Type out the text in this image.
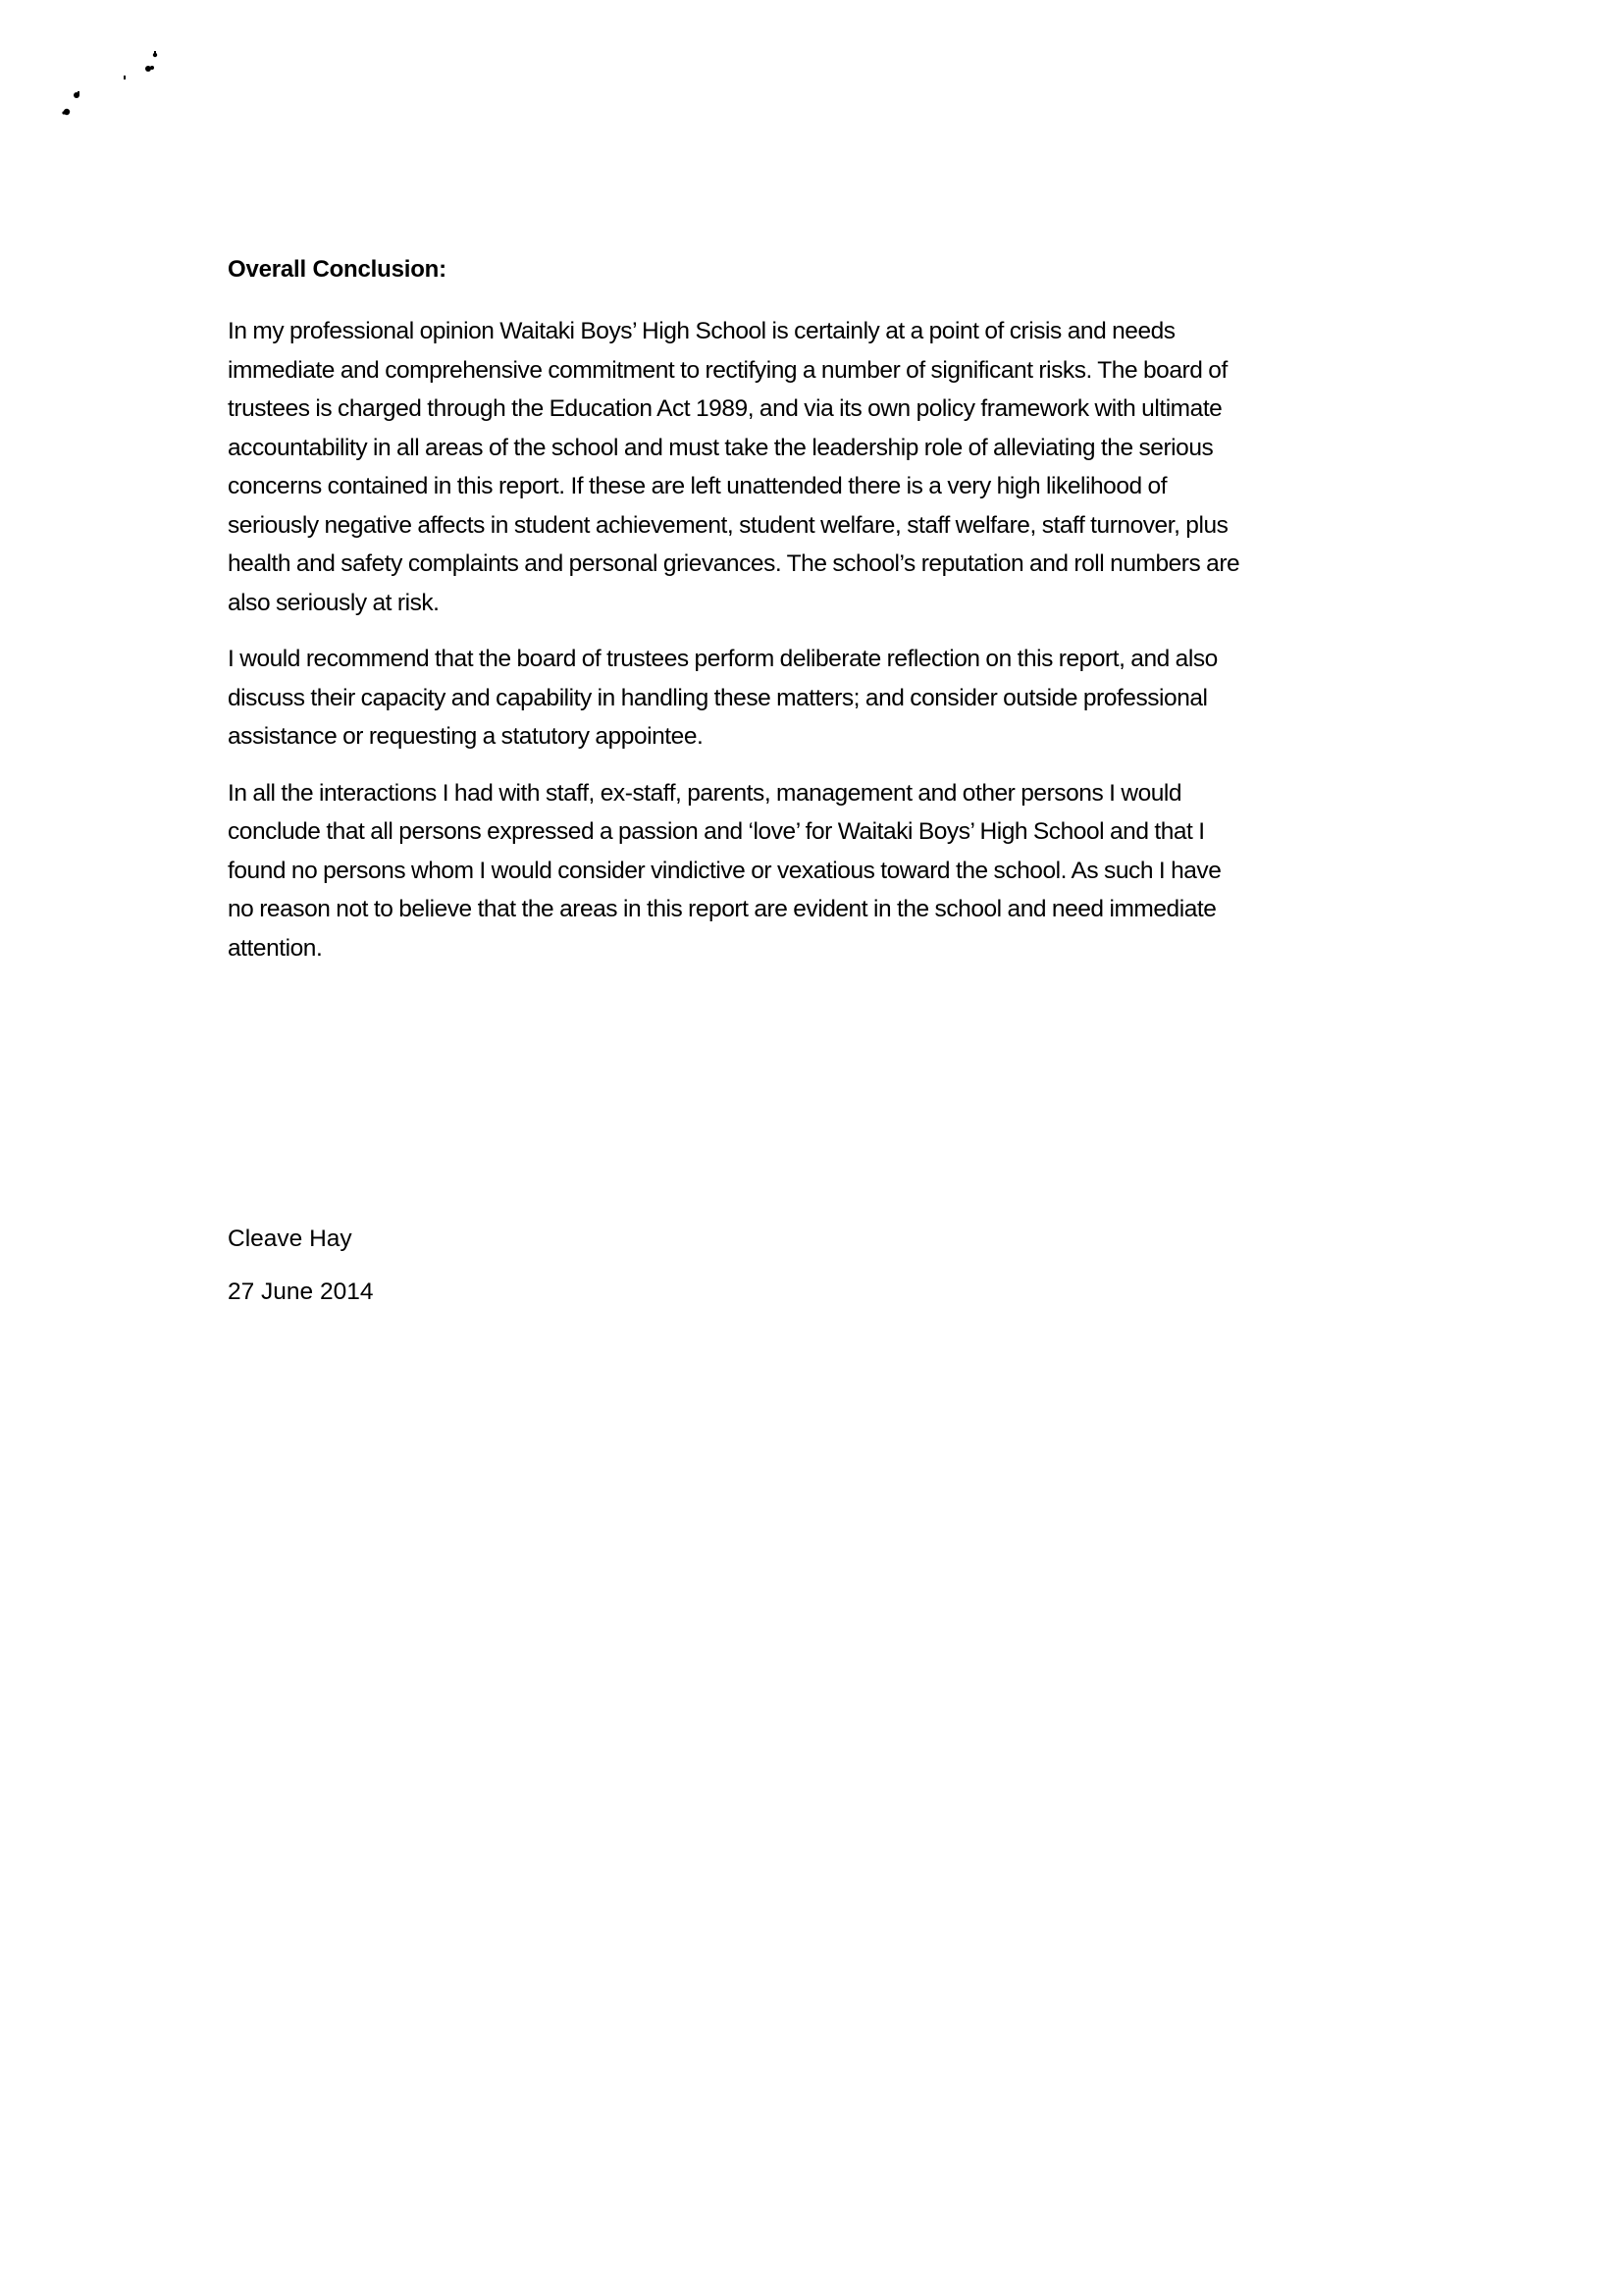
Overall Conclusion:
In my professional opinion Waitaki Boys’ High School is certainly at a point of crisis and needs
immediate and comprehensive commitment to rectifying a number of significant risks. The board of
trustees is charged through the Education Act 1989, and via its own policy framework with ultimate
accountability in all areas of the school and must take the leadership role of alleviating the serious
concerns contained in this report. If these are left unattended there is a very high likelihood of
seriously negative affects in student achievement, student welfare, staff welfare, staff turnover, plus
health and safety complaints and personal grievances. The school’s reputation and roll numbers are
also seriously at risk.
I would recommend that the board of trustees perform deliberate reflection on this report, and also
discuss their capacity and capability in handling these matters; and consider outside professional
assistance or requesting a statutory appointee.
In all the interactions I had with staff, ex-staff, parents, management and other persons I would
conclude that all persons expressed a passion and ‘love’ for Waitaki Boys’ High School and that I
found no persons whom I would consider vindictive or vexatious toward the school. As such I have
no reason not to believe that the areas in this report are evident in the school and need immediate
attention.
Cleave Hay
27 June 2014
